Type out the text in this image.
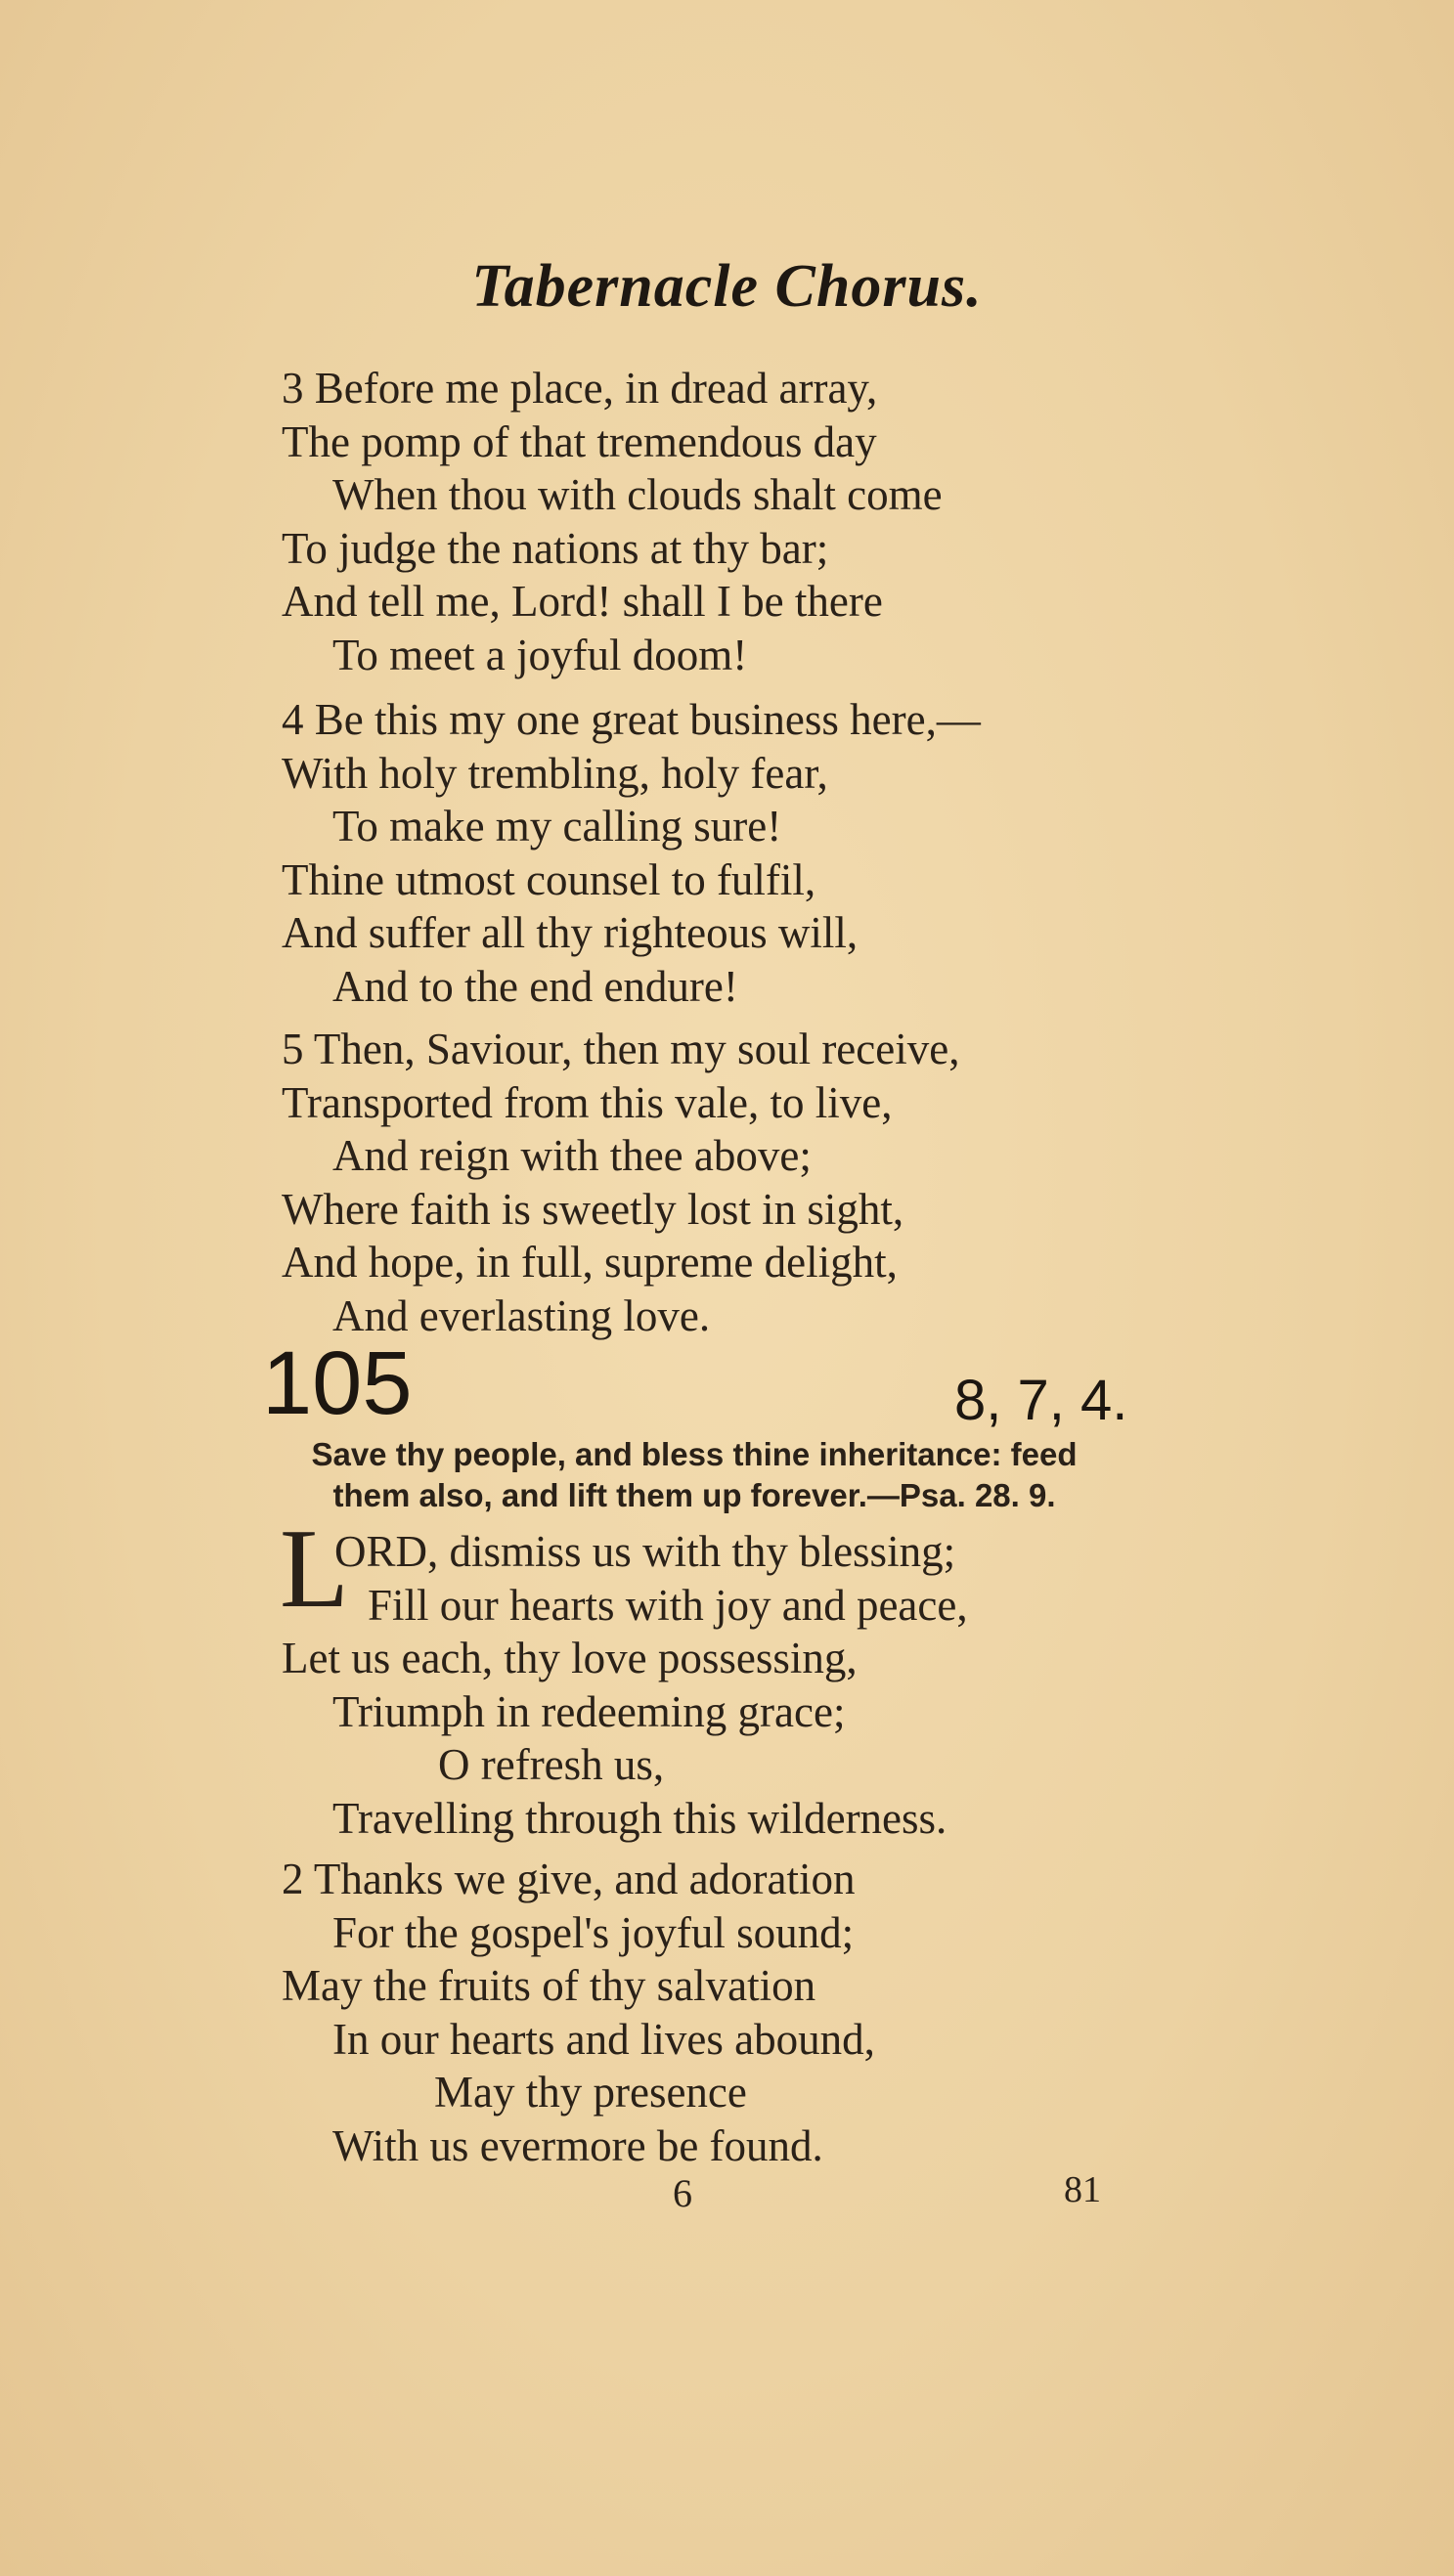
Tabernacle Chorus.
3 Before me place, in dread array,
The pomp of that tremendous day
When thou with clouds shalt come
To judge the nations at thy bar;
And tell me, Lord! shall I be there
To meet a joyful doom!
4 Be this my one great business here,—
With holy trembling, holy fear,
To make my calling sure!
Thine utmost counsel to fulfil,
And suffer all thy righteous will,
And to the end endure!
5 Then, Saviour, then my soul receive,
Transported from this vale, to live,
And reign with thee above;
Where faith is sweetly lost in sight,
And hope, in full, supreme delight,
And everlasting love.
105	8, 7, 4.
Save thy people, and bless thine inheritance: feed
them also, and lift them up forever.—Psa. 28. 9.
L
ORD, dismiss us with thy blessing;
Fill our hearts with joy and peace,
Let us each, thy love possessing,
Triumph in redeeming grace;
O refresh us,
Travelling through this wilderness.
2 Thanks we give, and adoration
For the gospel's joyful sound;
May the fruits of thy salvation
In our hearts and lives abound,
May thy presence
With us evermore be found.
6	81
